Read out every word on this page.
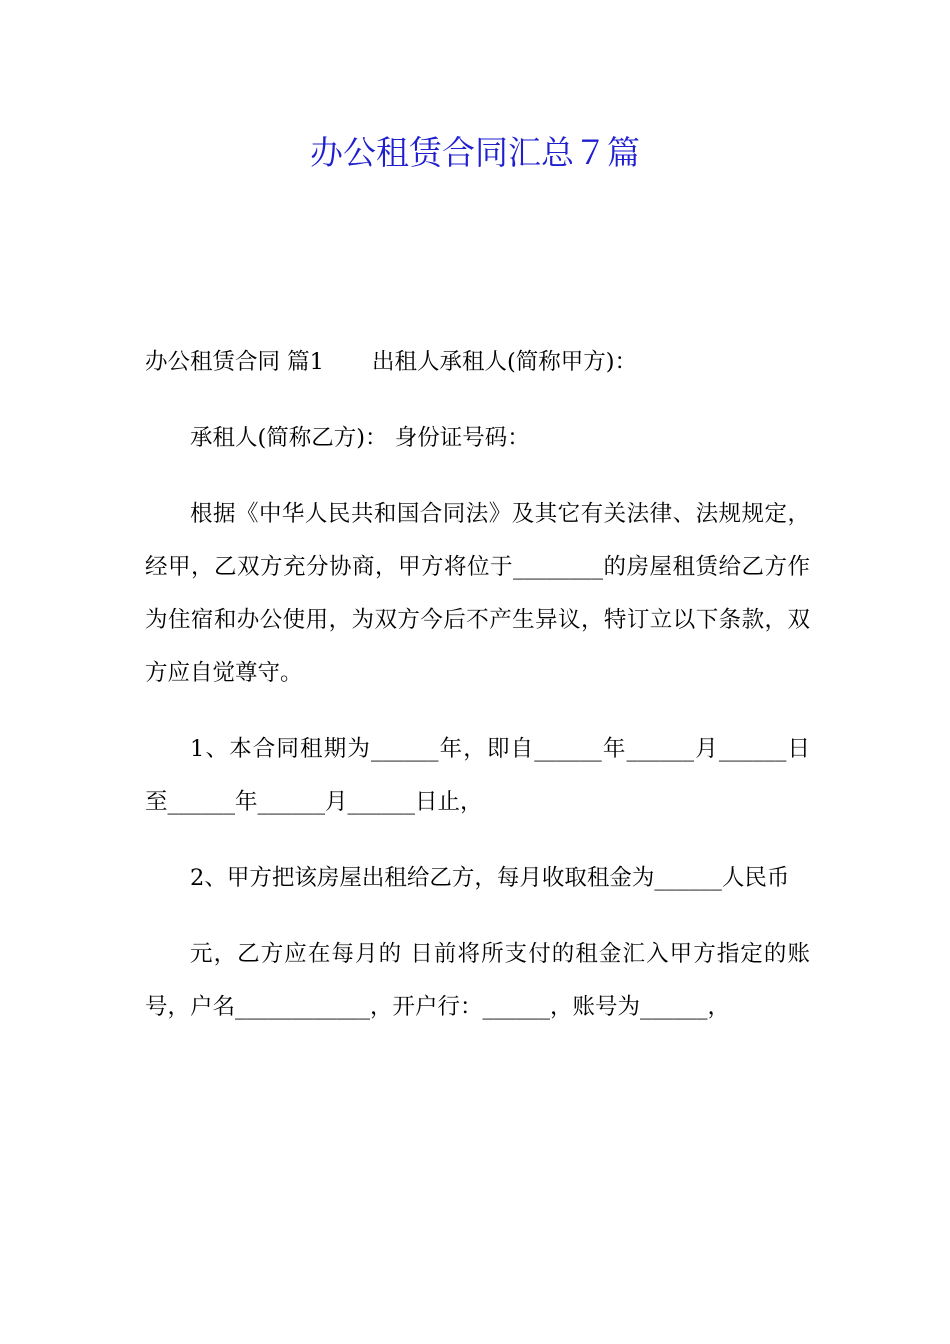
办公租赁合同汇总７篇

办公租赁合同 篇1 出租人承租人(简称甲方)：

承租人(简称乙方)： 身份证号码：

根据《中华人民共和国合同法》及其它有关法律、法规规定，经甲，乙双方充分协商，甲方将位于________的房屋租赁给乙方作为住宿和办公使用，为双方今后不产生异议，特订立以下条款，双方应自觉尊守。

1、本合同租期为______年，即自______年______月______日至______年______月______日止，

2、甲方把该房屋出租给乙方，每月收取租金为______人民币

元，乙方应在每月的 日前将所支付的租金汇入甲方指定的账号，户名____________，开户行：______，账号为______，
